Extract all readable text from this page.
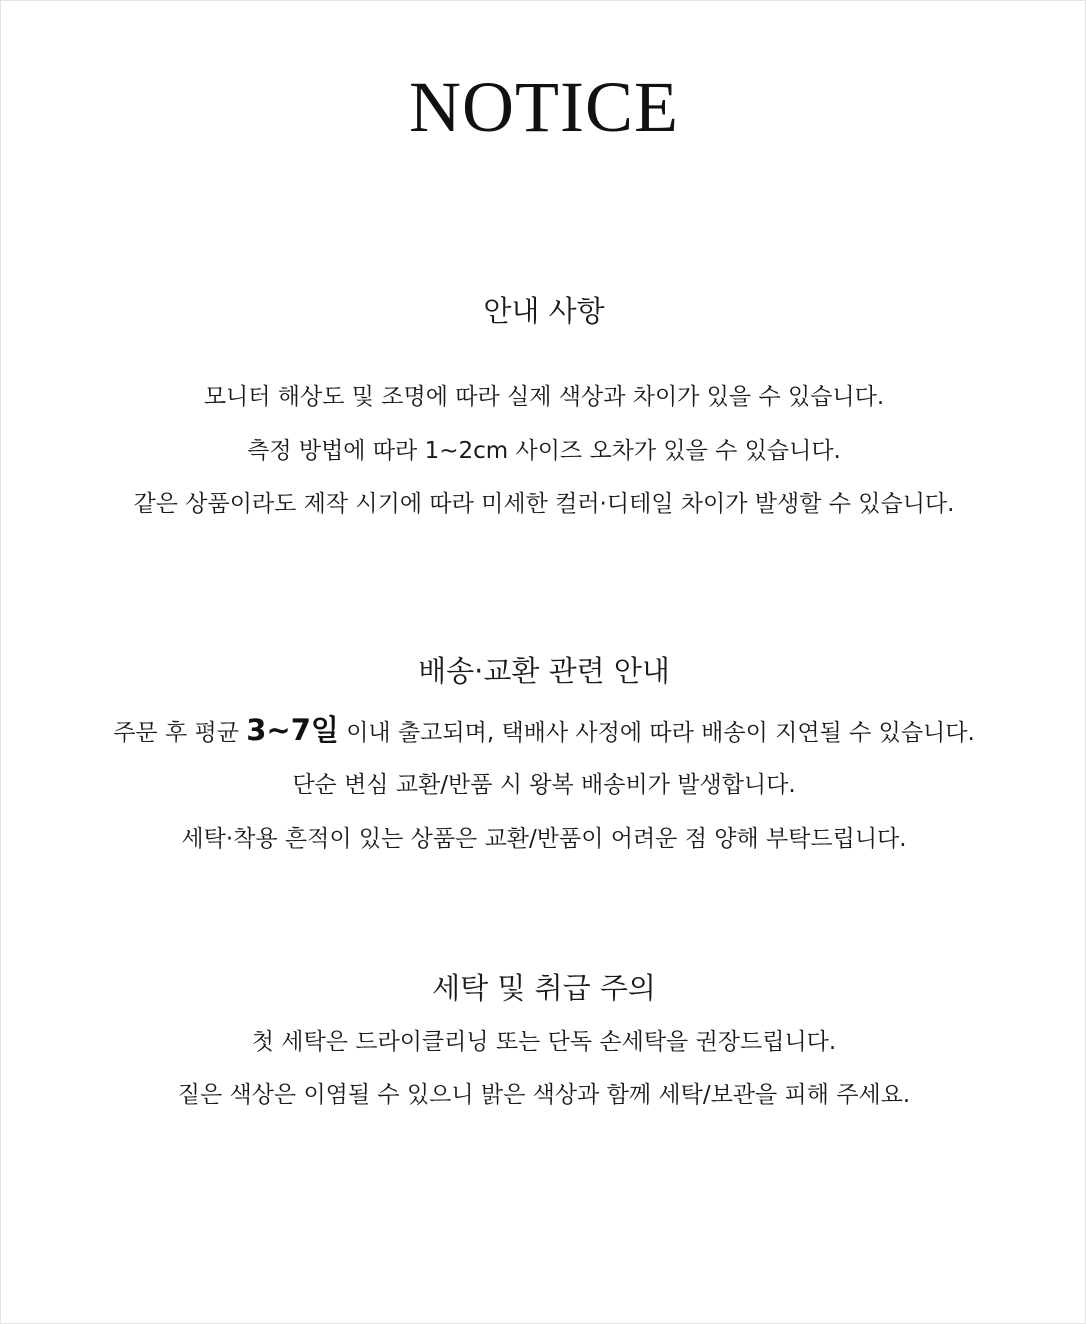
NOTICE
안내 사항

모니터 해상도 및 조명에 따라 실제 색상과 차이가 있을 수 있습니다.

측정 방법에 따라 1~2cm 사이즈 오차가 있을 수 있습니다.

같은 상품이라도 제작 시기에 따라 미세한 컬러·디테일 차이가 발생할 수 있습니다.

배송·교환 관련 안내

주문 후 평균 3~7일 이내 출고되며, 택배사 사정에 따라 배송이 지연될 수 있습니다.

단순 변심 교환/반품 시 왕복 배송비가 발생합니다.

세탁·착용 흔적이 있는 상품은 교환/반품이 어려운 점 양해 부탁드립니다.

세탁 및 취급 주의

첫 세탁은 드라이클리닝 또는 단독 손세탁을 권장드립니다.

짙은 색상은 이염될 수 있으니 밝은 색상과 함께 세탁/보관을 피해 주세요.
